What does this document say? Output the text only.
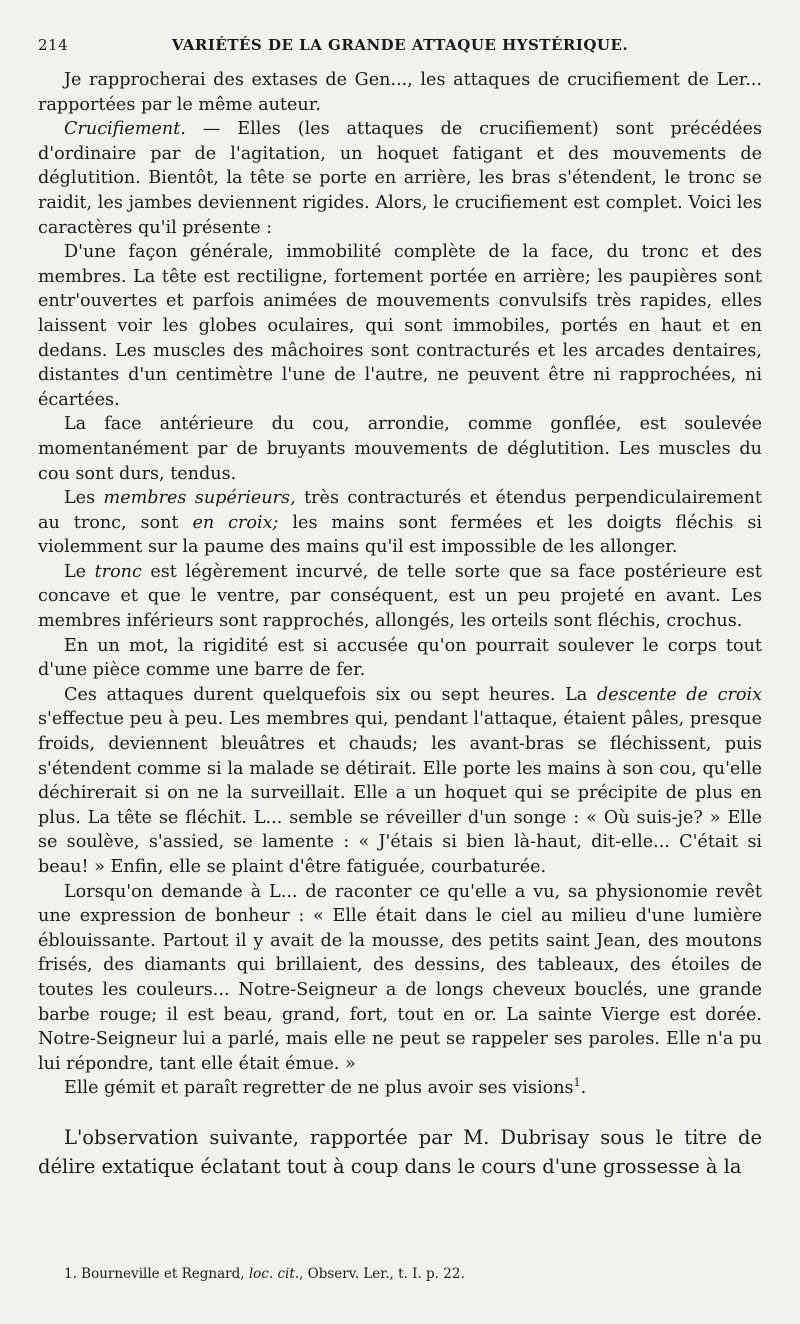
214	VARIÉTÉS DE LA GRANDE ATTAQUE HYSTÉRIQUE.

Je rapprocherai des extases de Gen..., les attaques de crucifiement de Ler... rapportées par le même auteur.

Crucifiement. — Elles (les attaques de crucifiement) sont précédées d'ordinaire par de l'agitation, un hoquet fatigant et des mouvements de déglutition. Bientôt, la tête se porte en arrière, les bras s'étendent, le tronc se raidit, les jambes deviennent rigides. Alors, le crucifiement est complet. Voici les caractères qu'il présente :

D'une façon générale, immobilité complète de la face, du tronc et des membres. La tête est rectiligne, fortement portée en arrière; les paupières sont entr'ouvertes et parfois animées de mouvements convulsifs très rapides, elles laissent voir les globes oculaires, qui sont immobiles, portés en haut et en dedans. Les muscles des mâchoires sont contracturés et les arcades dentaires, distantes d'un centimètre l'une de l'autre, ne peuvent être ni rapprochées, ni écartées.

La face antérieure du cou, arrondie, comme gonflée, est soulevée momentanément par de bruyants mouvements de déglutition. Les muscles du cou sont durs, tendus.

Les membres supérieurs, très contracturés et étendus perpendiculairement au tronc, sont en croix; les mains sont fermées et les doigts fléchis si violemment sur la paume des mains qu'il est impossible de les allonger.

Le tronc est légèrement incurvé, de telle sorte que sa face postérieure est concave et que le ventre, par conséquent, est un peu projeté en avant. Les membres inférieurs sont rapprochés, allongés, les orteils sont fléchis, crochus.

En un mot, la rigidité est si accusée qu'on pourrait soulever le corps tout d'une pièce comme une barre de fer.

Ces attaques durent quelquefois six ou sept heures. La descente de croix s'effectue peu à peu. Les membres qui, pendant l'attaque, étaient pâles, presque froids, deviennent bleuâtres et chauds; les avant-bras se fléchissent, puis s'étendent comme si la malade se détirait. Elle porte les mains à son cou, qu'elle déchirerait si on ne la surveillait. Elle a un hoquet qui se précipite de plus en plus. La tête se fléchit. L... semble se réveiller d'un songe : « Où suis-je? » Elle se soulève, s'assied, se lamente : « J'étais si bien là-haut, dit-elle... C'était si beau! » Enfin, elle se plaint d'être fatiguée, courbaturée.

Lorsqu'on demande à L... de raconter ce qu'elle a vu, sa physionomie revêt une expression de bonheur : « Elle était dans le ciel au milieu d'une lumière éblouissante. Partout il y avait de la mousse, des petits saint Jean, des moutons frisés, des diamants qui brillaient, des dessins, des tableaux, des étoiles de toutes les couleurs... Notre-Seigneur a de longs cheveux bouclés, une grande barbe rouge; il est beau, grand, fort, tout en or. La sainte Vierge est dorée. Notre-Seigneur lui a parlé, mais elle ne peut se rappeler ses paroles. Elle n'a pu lui répondre, tant elle était émue. »

Elle gémit et paraît regretter de ne plus avoir ses visions$^1$.

L'observation suivante, rapportée par M. Dubrisay sous le titre de délire extatique éclatant tout à coup dans le cours d'une grossesse à la

1. Bourneville et Regnard, loc. cit., Observ. Ler., t. I. p. 22.
